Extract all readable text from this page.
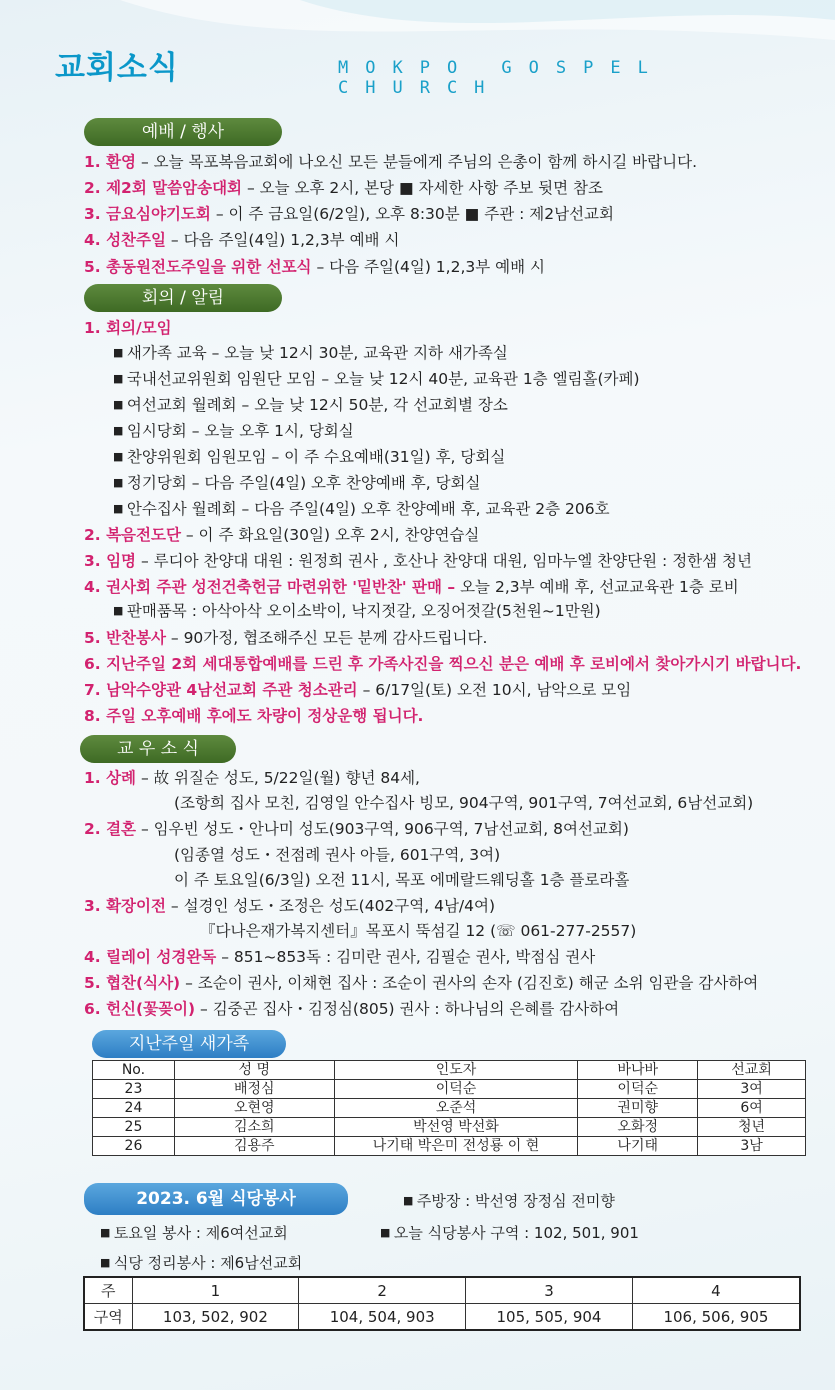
교회소식	MOKPO GOSPEL CHURCH
예배 / 행사
1. 환영 – 오늘 목포복음교회에 나오신 모든 분들에게 주님의 은총이 함께 하시길 바랍니다.
2. 제2회 말씀암송대회 – 오늘 오후 2시, 본당 ■ 자세한 사항 주보 뒷면 참조
3. 금요심야기도회 – 이 주 금요일(6/2일), 오후 8:30분 ■ 주관 : 제2남선교회
4. 성찬주일 – 다음 주일(4일) 1,2,3부 예배 시
5. 총동원전도주일을 위한 선포식 – 다음 주일(4일) 1,2,3부 예배 시
회의 / 알림
1. 회의/모임
■ 새가족 교육 – 오늘 낮 12시 30분, 교육관 지하 새가족실
■ 국내선교위원회 임원단 모임 – 오늘 낮 12시 40분, 교육관 1층 엘림홀(카페)
■ 여선교회 월례회 – 오늘 낮 12시 50분, 각 선교회별 장소
■ 임시당회 – 오늘 오후 1시, 당회실
■ 찬양위원회 임원모임 – 이 주 수요예배(31일) 후, 당회실
■ 정기당회 – 다음 주일(4일) 오후 찬양예배 후, 당회실
■ 안수집사 월례회 – 다음 주일(4일) 오후 찬양예배 후, 교육관 2층 206호
2. 복음전도단 – 이 주 화요일(30일) 오후 2시, 찬양연습실
3. 임명 – 루디아 찬양대 대원 : 원정희 권사 , 호산나 찬양대 대원, 임마누엘 찬양단원 : 정한샘 청년
4. 권사회 주관 성전건축헌금 마련위한 '밑반찬' 판매 – 오늘 2,3부 예배 후, 선교교육관 1층 로비
■ 판매품목 : 아삭아삭 오이소박이, 낙지젓갈, 오징어젓갈(5천원~1만원)
5. 반찬봉사 – 90가정, 협조해주신 모든 분께 감사드립니다.
6. 지난주일 2회 세대통합예배를 드린 후 가족사진을 찍으신 분은 예배 후 로비에서 찾아가시기 바랍니다.
7. 남악수양관 4남선교회 주관 청소관리 – 6/17일(토) 오전 10시, 남악으로 모임
8. 주일 오후예배 후에도 차량이 정상운행 됩니다.
교 우 소 식
1. 상례 – 故 위질순 성도, 5/22일(월) 향년 84세,
(조항희 집사 모친, 김영일 안수집사 빙모, 904구역, 901구역, 7여선교회, 6남선교회)
2. 결혼 – 임우빈 성도・안나미 성도(903구역, 906구역, 7남선교회, 8여선교회)
(임종열 성도・전점례 권사 아들, 601구역, 3여)
이 주 토요일(6/3일) 오전 11시, 목포 에메랄드웨딩홀 1층 플로라홀
3. 확장이전 – 설경인 성도・조정은 성도(402구역, 4남/4여)
『다나은재가복지센터』목포시 뚝섬길 12 (☏ 061-277-2557)
4. 릴레이 성경완독 – 851~853독 : 김미란 권사, 김필순 권사, 박점심 권사
5. 협찬(식사) – 조순이 권사, 이채현 집사 : 조순이 권사의 손자 (김진호) 해군 소위 임관을 감사하여
6. 헌신(꽃꽂이) – 김중곤 집사・김정심(805) 권사 : 하나님의 은혜를 감사하여
지난주일 새가족
No.	성 명	인도자	바나바	선교회
23	배정심	이덕순	이덕순	3여
24	오현영	오준석	권미향	6여
25	김소희	박선영 박선화	오화정	청년
26	김용주	나기태 박은미 전성룡 이 현	나기태	3남
2023. 6월 식당봉사	■ 주방장 : 박선영 장정심 전미향
■ 토요일 봉사 : 제6여선교회	■ 오늘 식당봉사 구역 : 102, 501, 901
■ 식당 정리봉사 : 제6남선교회
주	1	2	3	4
구역	103, 502, 902	104, 504, 903	105, 505, 904	106, 506, 905
